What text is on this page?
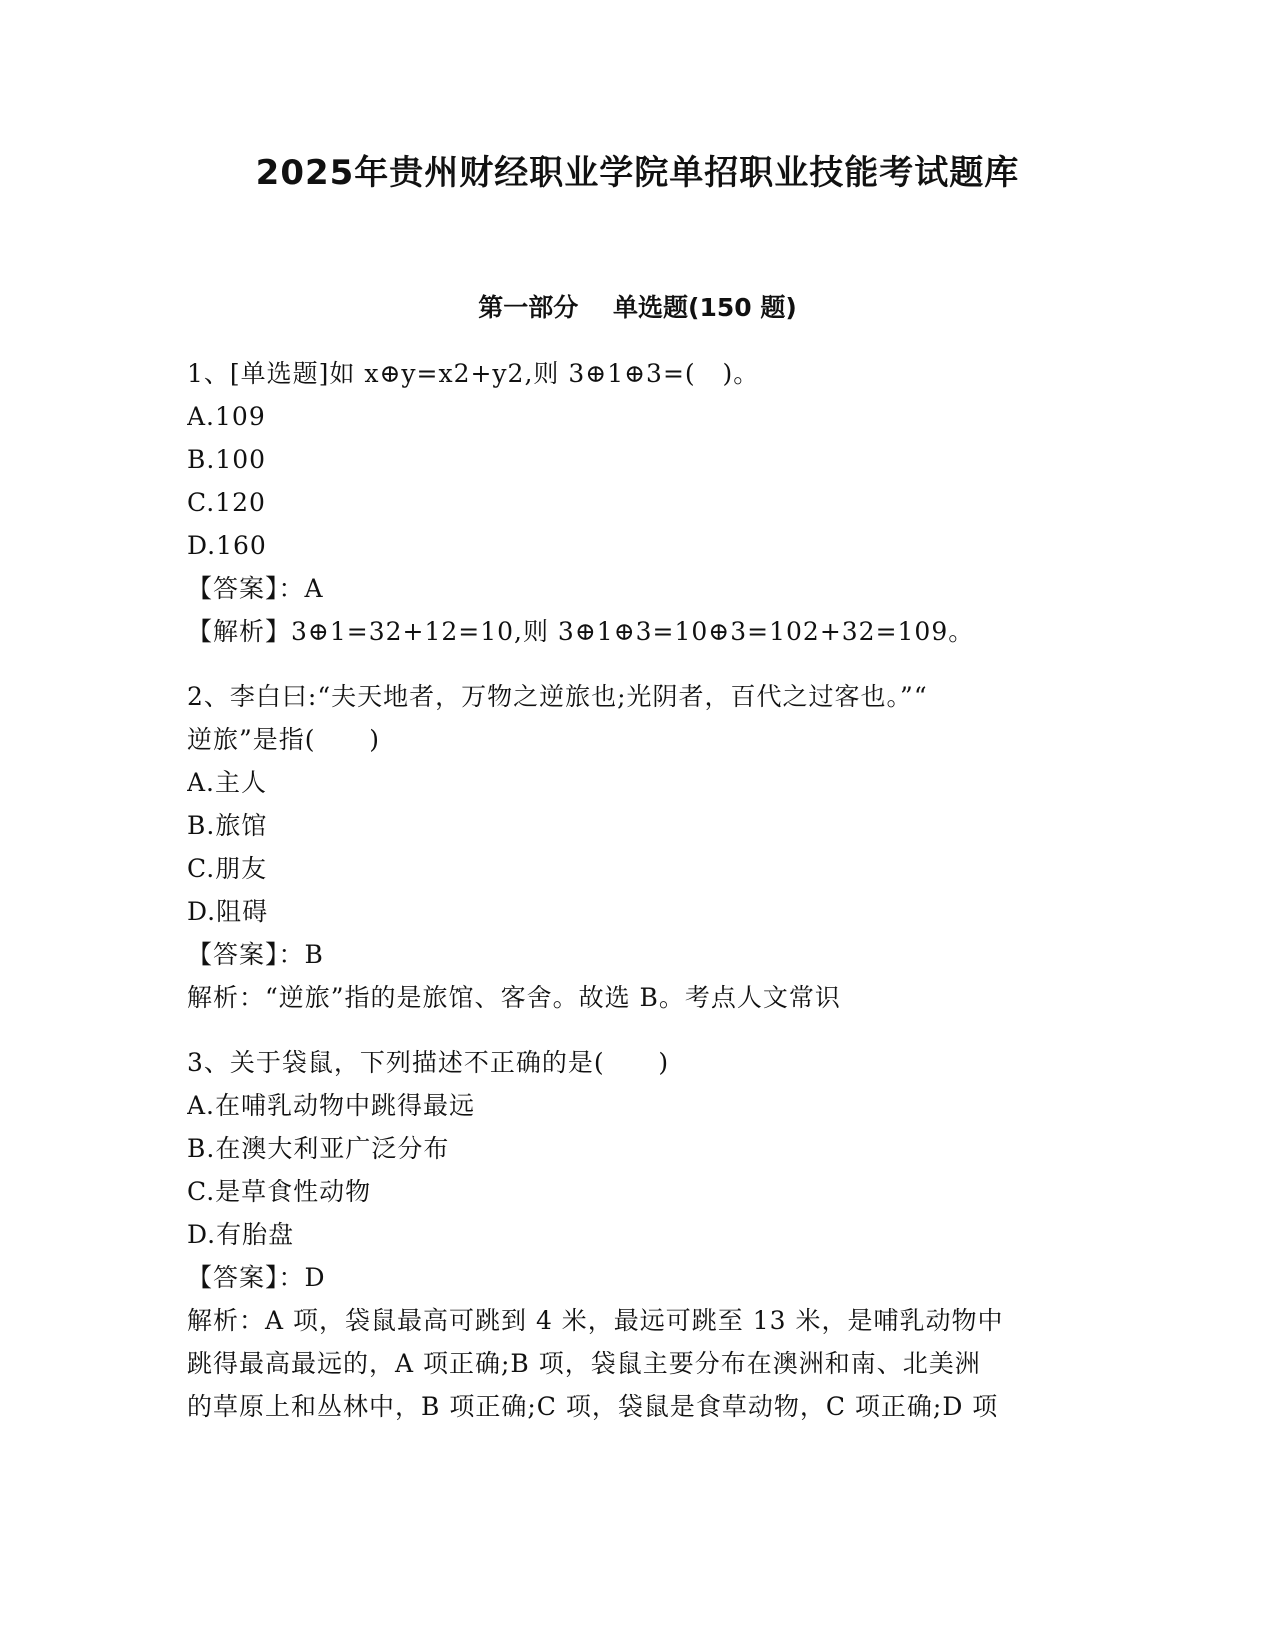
2025年贵州财经职业学院单招职业技能考试题库
第一部分    单选题(150 题)
1、[单选题]如 x⊕y=x2+y2,则 3⊕1⊕3=(   )。
A.109
B.100
C.120
D.160
【答案】：A
【解析】3⊕1=32+12=10,则 3⊕1⊕3=10⊕3=102+32=109。
2、李白曰:“夫天地者，万物之逆旅也;光阴者，百代之过客也。”“
逆旅”是指(      )
A.主人
B.旅馆
C.朋友
D.阻碍
【答案】：B
解析：“逆旅”指的是旅馆、客舍。故选 B。考点人文常识
3、关于袋鼠，下列描述不正确的是(      )
A.在哺乳动物中跳得最远
B.在澳大利亚广泛分布
C.是草食性动物
D.有胎盘
【答案】：D
解析：A 项，袋鼠最高可跳到 4 米，最远可跳至 13 米，是哺乳动物中
跳得最高最远的，A 项正确;B 项，袋鼠主要分布在澳洲和南、北美洲
的草原上和丛林中，B 项正确;C 项，袋鼠是食草动物，C 项正确;D 项
